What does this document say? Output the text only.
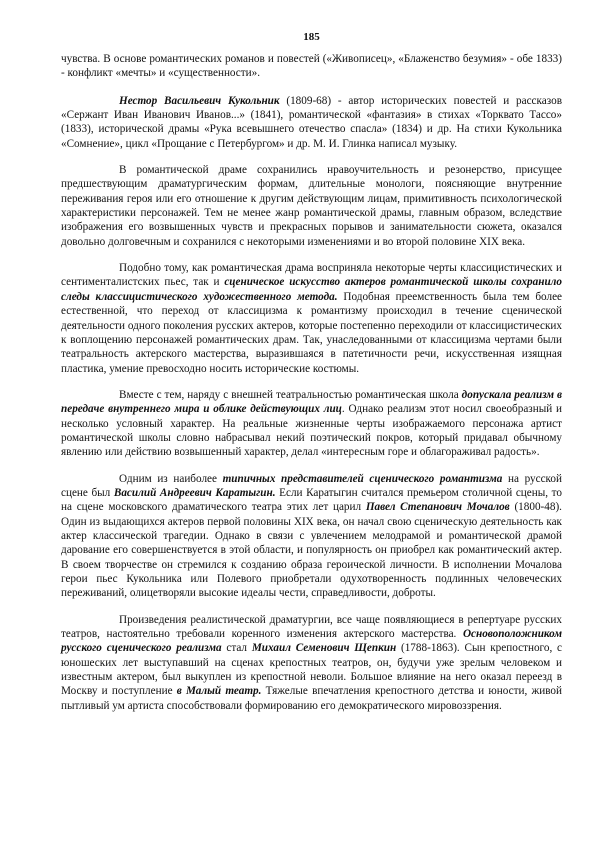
185

чувства. В основе романтических романов и повестей («Живописец», «Блаженство безумия» - обе 1833) - конфликт «мечты» и «существенности».

Нестор Васильевич Кукольник (1809-68) - автор исторических повестей и рассказов «Сержант Иван Иванович Иванов...» (1841), романтической «фантазия» в стихах «Торквато Тассо» (1833), исторической драмы «Рука всевышнего отечество спасла» (1834) и др. На стихи Кукольника «Сомнение», цикл «Прощание с Петербургом» и др. М. И. Глинка написал музыку.

В романтической драме сохранились нравоучительность и резонерство, присущее предшествующим драматургическим формам, длительные монологи, поясняющие внутренние переживания героя или его отношение к другим действующим лицам, примитивность психологической характеристики персонажей. Тем не менее жанр романтической драмы, главным образом, вследствие изображения его возвышенных чувств и прекрасных порывов и занимательности сюжета, оказался довольно долговечным и сохранился с некоторыми изменениями и во второй половине XIX века.

Подобно тому, как романтическая драма восприняла некоторые черты классицистических и сентименталистских пьес, так и сценическое искусство актеров романтической школы сохранило следы классицистического художественного метода. Подобная преемственность была тем более естественной, что переход от классицизма к романтизму происходил в течение сценической деятельности одного поколения русских актеров, которые постепенно переходили от классицистических к воплощению персонажей романтических драм. Так, унаследованными от классицизма чертами были театральность актерского мастерства, выразившаяся в патетичности речи, искусственная изящная пластика, умение превосходно носить исторические костюмы.

Вместе с тем, наряду с внешней театральностью романтическая школа допускала реализм в передаче внутреннего мира и облике действующих лиц. Однако реализм этот носил своеобразный и несколько условный характер. На реальные жизненные черты изображаемого персонажа артист романтической школы словно набрасывал некий поэтический покров, который придавал обычному явлению или действию возвышенный характер, делал «интересным горе и облагораживал радость».

Одним из наиболее типичных представителей сценического романтизма на русской сцене был Василий Андреевич Каратыгин. Если Каратыгин считался премьером столичной сцены, то на сцене московского драматического театра этих лет царил Павел Степанович Мочалов (1800-48). Один из выдающихся актеров первой половины XIX века, он начал свою сценическую деятельность как актер классической трагедии. Однако в связи с увлечением мелодрамой и романтической драмой дарование его совершенствуется в этой области, и популярность он приобрел как романтический актер. В своем творчестве он стремился к созданию образа героической личности. В исполнении Мочалова герои пьес Кукольника или Полевого приобретали одухотворенность подлинных человеческих переживаний, олицетворяли высокие идеалы чести, справедливости, доброты.

Произведения реалистической драматургии, все чаще появляющиеся в репертуаре русских театров, настоятельно требовали коренного изменения актерского мастерства. Основоположником русского сценического реализма стал Михаил Семенович Щепкин (1788-1863). Сын крепостного, с юношеских лет выступавший на сценах крепостных театров, он, будучи уже зрелым человеком и известным актером, был выкуплен из крепостной неволи. Большое влияние на него оказал переезд в Москву и поступление в Малый театр. Тяжелые впечатления крепостного детства и юности, живой пытливый ум артиста способствовали формированию его демократического мировоззрения.
